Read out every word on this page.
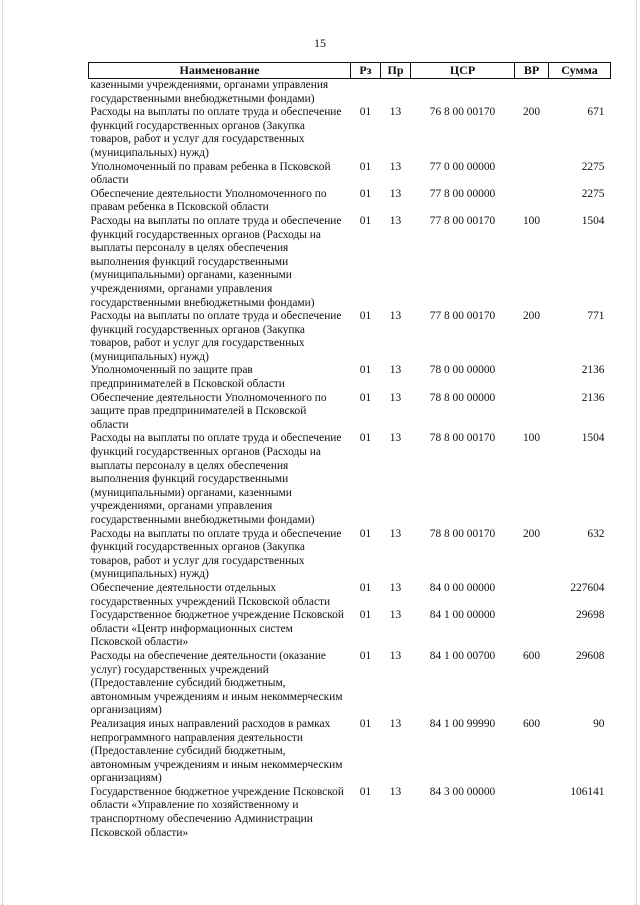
15
Наименование	Рз	Пр	ЦСР	ВР	Сумма
казенными учреждениями, органами управления государственными внебюджетными фондами)					
Расходы на выплаты по оплате труда и обеспечение функций государственных органов (Закупка товаров, работ и услуг для государственных (муниципальных) нужд)	01	13	76 8 00 00170	200	671
Уполномоченный по правам ребенка в Псковской области	01	13	77 0 00 00000		2275
Обеспечение деятельности Уполномоченного по правам ребенка в Псковской области	01	13	77 8 00 00000		2275
Расходы на выплаты по оплате труда и обеспечение функций государственных органов (Расходы на выплаты персоналу в целях обеспечения выполнения функций государственными (муниципальными) органами, казенными учреждениями, органами управления государственными внебюджетными фондами)	01	13	77 8 00 00170	100	1504
Расходы на выплаты по оплате труда и обеспечение функций государственных органов (Закупка товаров, работ и услуг для государственных (муниципальных) нужд)	01	13	77 8 00 00170	200	771
Уполномоченный по защите прав предпринимателей в Псковской области	01	13	78 0 00 00000		2136
Обеспечение деятельности Уполномоченного по защите прав предпринимателей в Псковской области	01	13	78 8 00 00000		2136
Расходы на выплаты по оплате труда и обеспечение функций государственных органов (Расходы на выплаты персоналу в целях обеспечения выполнения функций государственными (муниципальными) органами, казенными учреждениями, органами управления государственными внебюджетными фондами)	01	13	78 8 00 00170	100	1504
Расходы на выплаты по оплате труда и обеспечение функций государственных органов (Закупка товаров, работ и услуг для государственных (муниципальных) нужд)	01	13	78 8 00 00170	200	632
Обеспечение деятельности отдельных государственных учреждений Псковской области	01	13	84 0 00 00000		227604
Государственное бюджетное учреждение Псковской области «Центр информационных систем Псковской области»	01	13	84 1 00 00000		29698
Расходы на обеспечение деятельности (оказание услуг) государственных учреждений (Предоставление субсидий бюджетным, автономным учреждениям и иным некоммерческим организациям)	01	13	84 1 00 00700	600	29608
Реализация иных направлений расходов в рамках непрограммного направления деятельности (Предоставление субсидий бюджетным, автономным учреждениям и иным некоммерческим организациям)	01	13	84 1 00 99990	600	90
Государственное бюджетное учреждение Псковской области «Управление по хозяйственному и транспортному обеспечению Администрации Псковской области»	01	13	84 3 00 00000		106141
